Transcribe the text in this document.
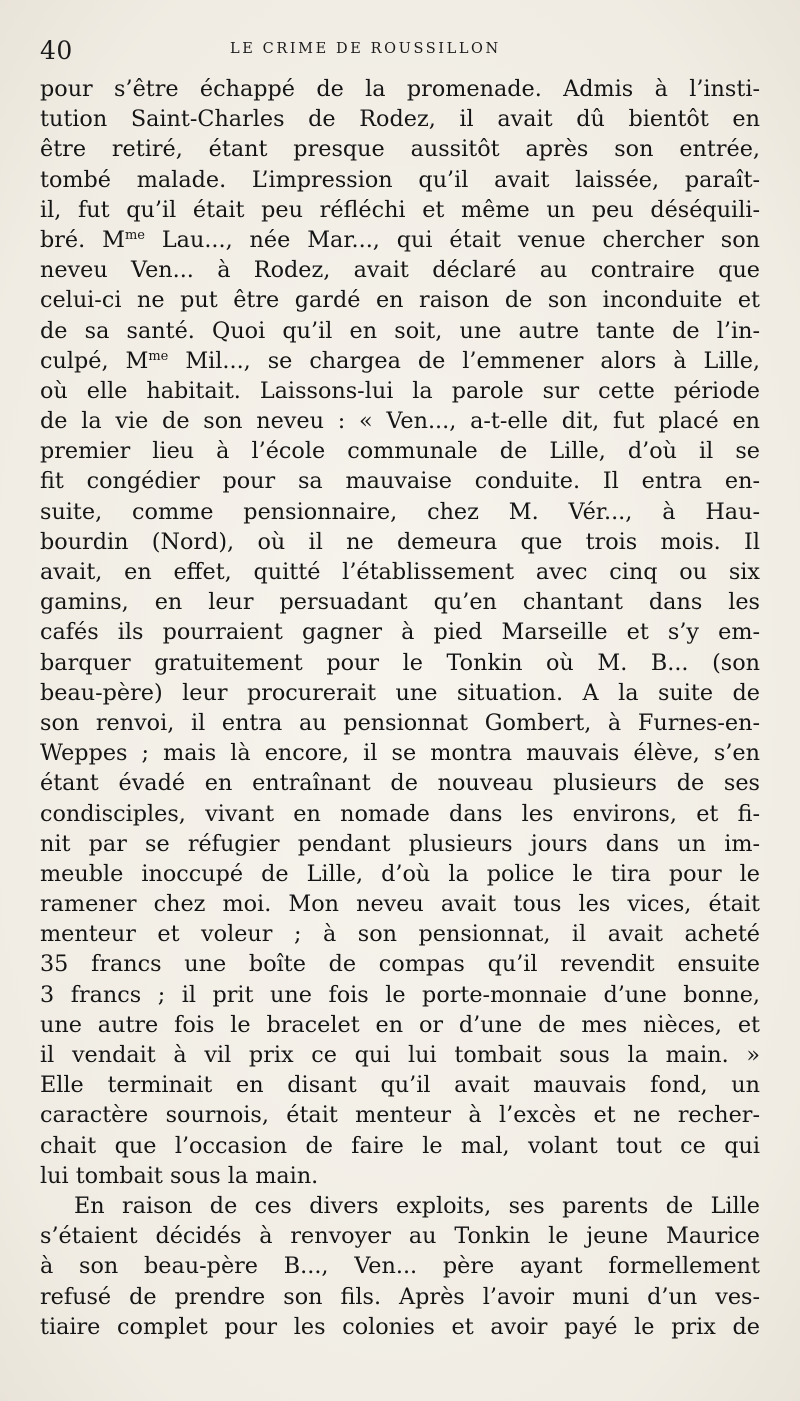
40	LE CRIME DE ROUSSILLON
pour s’être échappé de la promenade. Admis à l’insti-
tution Saint-Charles de Rodez, il avait dû bientôt en
être retiré, étant presque aussitôt après son entrée,
tombé malade. L’impression qu’il avait laissée, paraît-
il, fut qu’il était peu réfléchi et même un peu déséquili-
bré. $M^{me}$ Lau..., née Mar..., qui était venue chercher son
neveu Ven... à Rodez, avait déclaré au contraire que
celui-ci ne put être gardé en raison de son inconduite et
de sa santé. Quoi qu’il en soit, une autre tante de l’in-
culpé, $M^{me}$ Mil..., se chargea de l’emmener alors à Lille,
où elle habitait. Laissons-lui la parole sur cette période
de la vie de son neveu : « Ven..., a-t-elle dit, fut placé en
premier lieu à l’école communale de Lille, d’où il se
fit congédier pour sa mauvaise conduite. Il entra en-
suite, comme pensionnaire, chez M. Vér..., à Hau-
bourdin (Nord), où il ne demeura que trois mois. Il
avait, en effet, quitté l’établissement avec cinq ou six
gamins, en leur persuadant qu’en chantant dans les
cafés ils pourraient gagner à pied Marseille et s’y em-
barquer gratuitement pour le Tonkin où M. B... (son
beau-père) leur procurerait une situation. A la suite de
son renvoi, il entra au pensionnat Gombert, à Furnes-en-
Weppes ; mais là encore, il se montra mauvais élève, s’en
étant évadé en entraînant de nouveau plusieurs de ses
condisciples, vivant en nomade dans les environs, et fi-
nit par se réfugier pendant plusieurs jours dans un im-
meuble inoccupé de Lille, d’où la police le tira pour le
ramener chez moi. Mon neveu avait tous les vices, était
menteur et voleur ; à son pensionnat, il avait acheté
35 francs une boîte de compas qu’il revendit ensuite
3 francs ; il prit une fois le porte-monnaie d’une bonne,
une autre fois le bracelet en or d’une de mes nièces, et
il vendait à vil prix ce qui lui tombait sous la main. »
Elle terminait en disant qu’il avait mauvais fond, un
caractère sournois, était menteur à l’excès et ne recher-
chait que l’occasion de faire le mal, volant tout ce qui
lui tombait sous la main.
En raison de ces divers exploits, ses parents de Lille
s’étaient décidés à renvoyer au Tonkin le jeune Maurice
à son beau-père B..., Ven... père ayant formellement
refusé de prendre son fils. Après l’avoir muni d’un ves-
tiaire complet pour les colonies et avoir payé le prix de
